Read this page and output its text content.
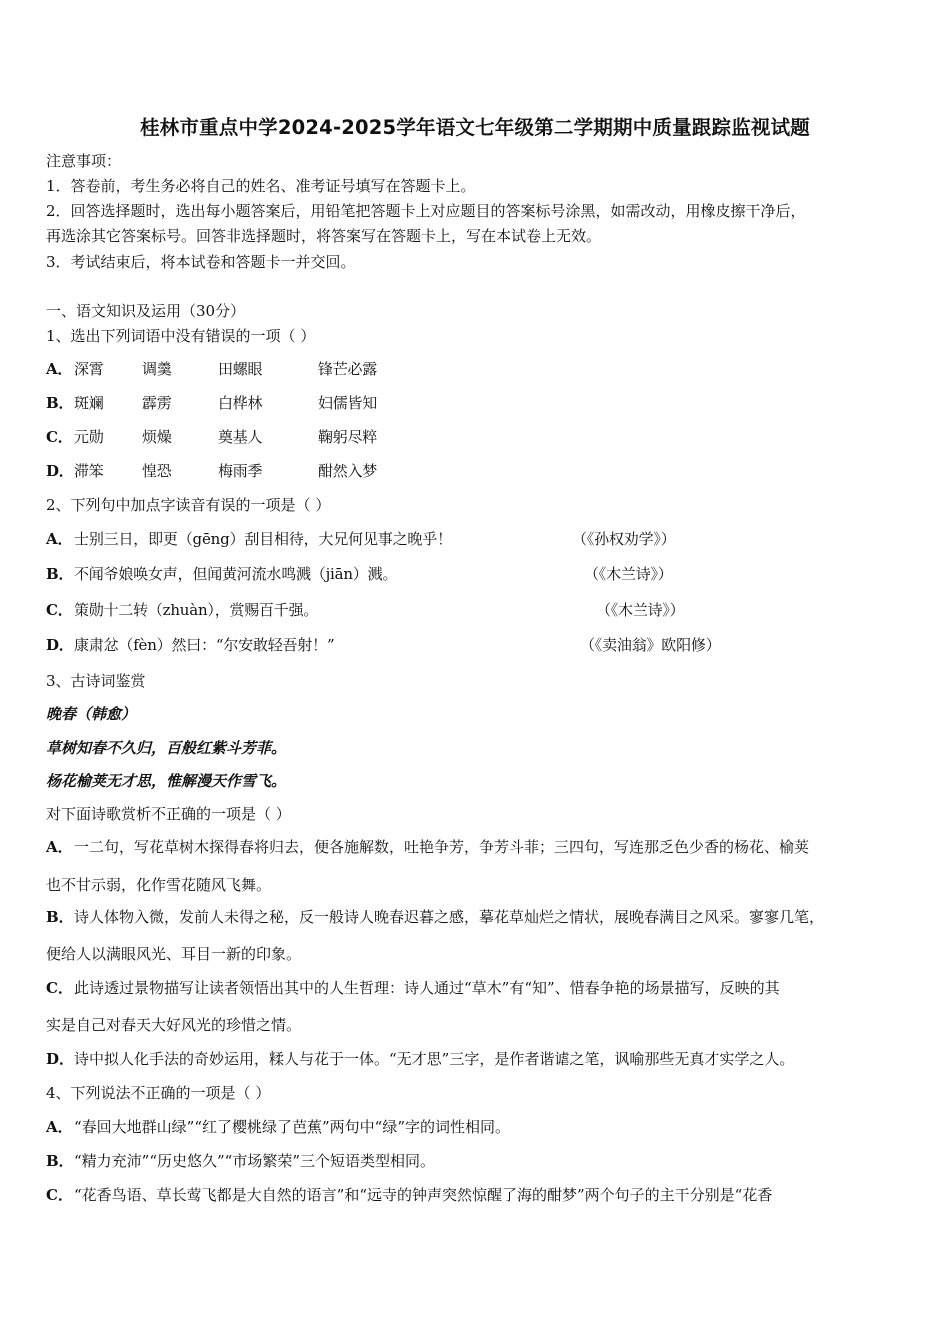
桂林市重点中学2024-2025学年语文七年级第二学期期中质量跟踪监视试题
注意事项：
1．答卷前，考生务必将自己的姓名、准考证号填写在答题卡上。
2．回答选择题时，选出每小题答案后，用铅笔把答题卡上对应题目的答案标号涂黑，如需改动，用橡皮擦干净后，
再选涂其它答案标号。回答非选择题时，将答案写在答题卡上，写在本试卷上无效。
3．考试结束后，将本试卷和答题卡一并交回。
一、语文知识及运用（30分）
1、选出下列词语中没有错误的一项（ ）
A． 深霄	调羹	田螺眼	锋芒必露
B． 斑斓	霹雳	白桦林	妇儒皆知
C． 元勋	烦燥	奠基人	鞠躬尽粹
D． 滞笨	惶恐	梅雨季	酣然入梦
2、下列句中加点字读音有误的一项是（ ）
A． 士别三日，即更（gēng）刮目相待，大兄何见事之晚乎！	（《孙权劝学》）
B． 不闻爷娘唤女声，但闻黄河流水鸣溅（jiān）溅。	（《木兰诗》）
C． 策勋十二转（zhuàn），赏赐百千强。	（《木兰诗》）
D． 康肃忿（fèn）然曰：“尔安敢轻吾射！”	（《卖油翁》欧阳修）
3、古诗词鉴赏
晚春（韩愈）
草树知春不久归，百般红紫斗芳菲。
杨花榆荚无才思，惟解漫天作雪飞。
对下面诗歌赏析不正确的一项是（ ）
A．一二句，写花草树木探得春将归去，便各施解数，吐艳争芳，争芳斗菲；三四句，写连那乏色少香的杨花、榆荚
也不甘示弱，化作雪花随风飞舞。
B．诗人体物入微，发前人未得之秘，反一般诗人晚春迟暮之感，摹花草灿烂之情状，展晚春满目之风采。寥寥几笔，
便给人以满眼风光、耳目一新的印象。
C．此诗透过景物描写让读者领悟出其中的人生哲理：诗人通过“草木”有“知”、惜春争艳的场景描写，反映的其
实是自己对春天大好风光的珍惜之情。
D．诗中拟人化手法的奇妙运用，糅人与花于一体。“无才思”三字，是作者谐谑之笔，讽喻那些无真才实学之人。
4、下列说法不正确的一项是（ ）
A．“春回大地群山绿”“红了樱桃绿了芭蕉”两句中“绿”字的词性相同。
B．“精力充沛”“历史悠久”“市场繁荣”三个短语类型相同。
C．“花香鸟语、草长莺飞都是大自然的语言”和“远寺的钟声突然惊醒了海的酣梦”两个句子的主干分别是“花香
